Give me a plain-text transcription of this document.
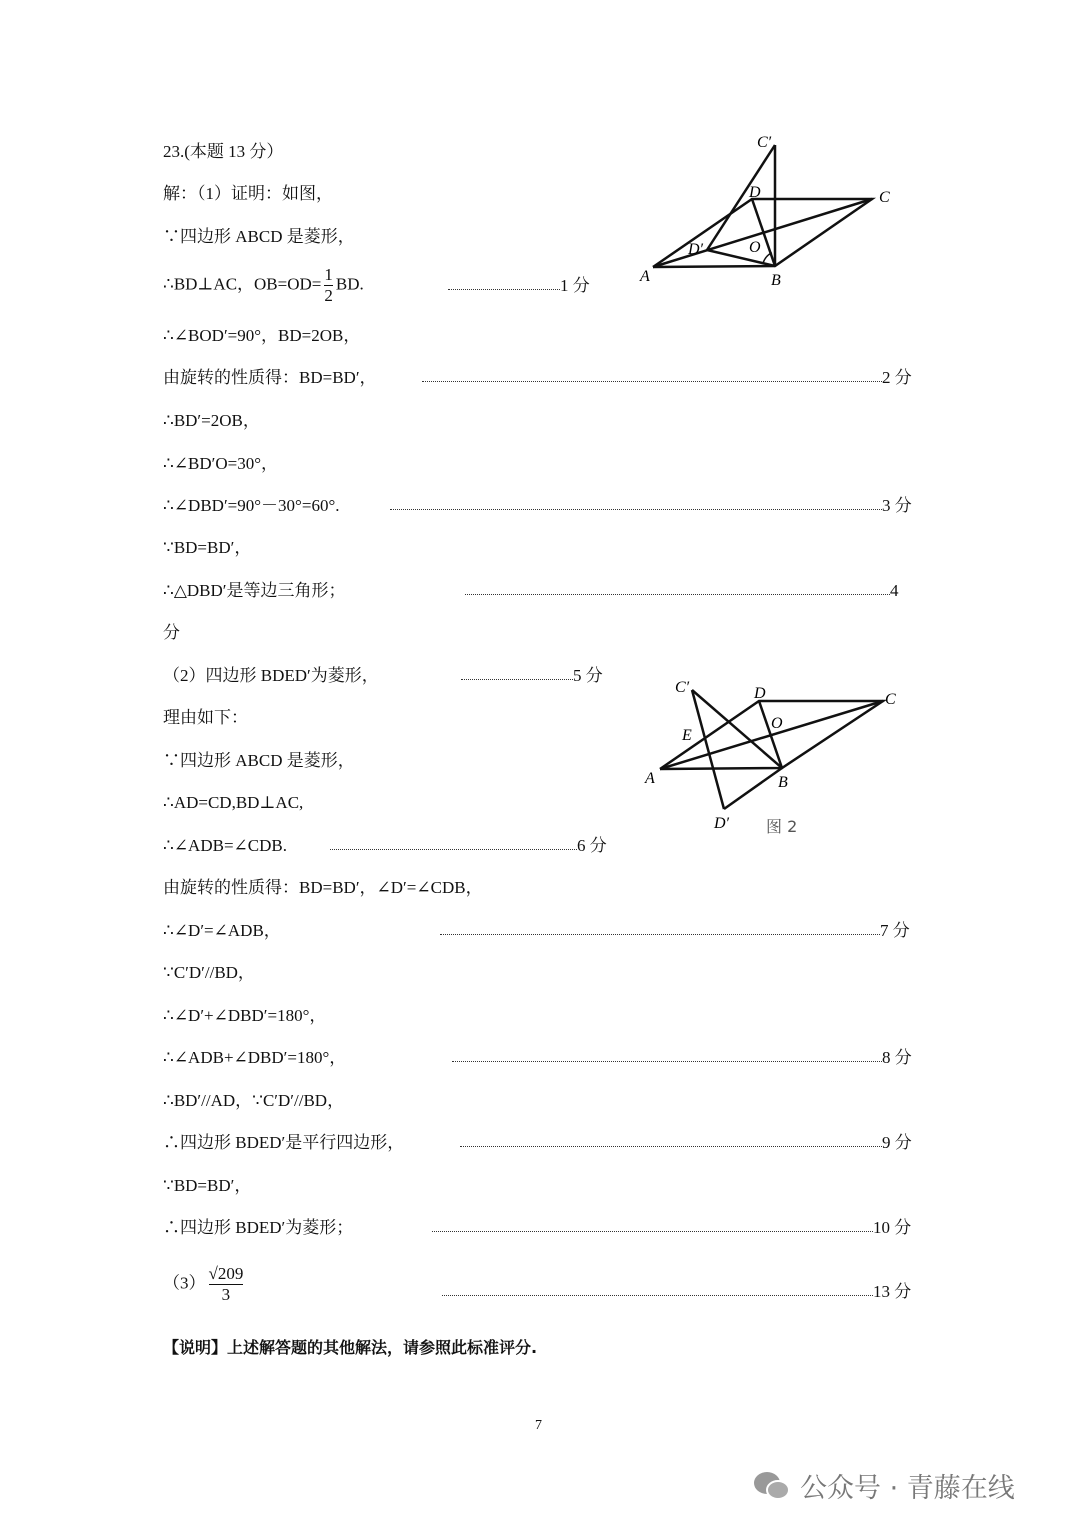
23.(本题 13 分）
解：（1）证明：如图，
∵四边形 ABCD 是菱形，
∴BD⊥AC，$OB=OD= \frac{1}{2}$ BD.	1 分
∴∠BOD′=90°，BD=2OB，
由旋转的性质得：BD=BD′，	2 分
∴BD′=2OB，
∴∠BD′O=30°，
∴∠DBD′=90°－30°=60°.	3 分
∵BD=BD′，
∴△DBD′是等边三角形；	4
分
（2）四边形 BDED′为菱形，	5 分
理由如下：
∵四边形 ABCD 是菱形，
∴AD=CD,BD⊥AC,
∴∠ADB=∠CDB.	6 分
由旋转的性质得：BD=BD′，∠D′=∠CDB，
∴∠D′=∠ADB，	7 分
∵C′D′//BD，
∴∠D′+∠DBD′=180°，
∴∠ADB+∠DBD′=180°，	8 分
∴BD′//AD，∵C′D′//BD，
∴四边形 BDED′是平行四边形，	9 分
∵BD=BD′，
∴四边形 BDED′为菱形；	10 分
$(3) \frac{√209}{3}$	13 分
【说明】上述解答题的其他解法，请参照此标准评分.
A	B
C
D
C′
D′	O
A	B
C
D
C′
D′
O
E
图 2
7
公众号 · 青藤在线
